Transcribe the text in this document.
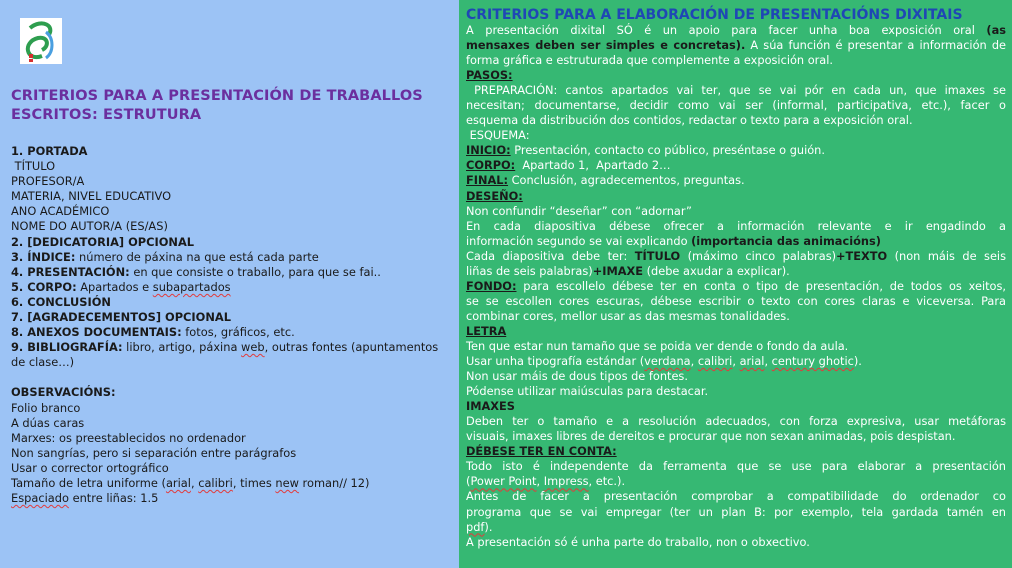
CRITERIOS PARA A PRESENTACIÓN DE TRABALLOS
ESCRITOS: ESTRUTURA
1. PORTADA
TÍTULO
PROFESOR/A
MATERIA, NIVEL EDUCATIVO
ANO ACADÉMICO
NOME DO AUTOR/A (ES/AS)
2. [DEDICATORIA] OPCIONAL
3. ÍNDICE: número de páxina na que está cada parte
4. PRESENTACIÓN: en que consiste o traballo, para que se fai..
5. CORPO: Apartados e subapartados
6. CONCLUSIÓN
7. [AGRADECEMENTOS] OPCIONAL
8. ANEXOS DOCUMENTAIS: fotos, gráficos, etc.
9. BIBLIOGRAFÍA: libro, artigo, páxina web, outras fontes (apuntamentos
de clase…)
OBSERVACIÓNS:
Folio branco
A dúas caras
Marxes: os preestablecidos no ordenador
Non sangrías, pero si separación entre parágrafos
Usar o corrector ortográfico
Tamaño de letra uniforme (arial, calibri, times new roman// 12)
Espaciado entre liñas: 1.5
CRITERIOS PARA A ELABORACIÓN DE PRESENTACIÓNS DIXITAIS
A presentación dixital SÓ é un apoio para facer unha boa exposición oral (as
mensaxes deben ser simples e concretas). A súa función é presentar a información de
forma gráfica e estruturada que complemente a exposición oral.
PASOS:
PREPARACIÓN: cantos apartados vai ter, que se vai pór en cada un, que imaxes se
necesitan; documentarse, decidir como vai ser (informal, participativa, etc.), facer o
esquema da distribución dos contidos, redactar o texto para a exposición oral.
ESQUEMA:
INICIO: Presentación, contacto co público, preséntase o guión.
CORPO:  Apartado 1,  Apartado 2…
FINAL: Conclusión, agradecementos, preguntas.
DESEÑO:
Non confundir “deseñar” con “adornar”
En cada diapositiva débese ofrecer a información relevante e ir engadindo a
información segundo se vai explicando (importancia das animacións)
Cada diapositiva debe ter: TÍTULO (máximo cinco palabras)+TEXTO (non máis de seis
liñas de seis palabras)+IMAXE (debe axudar a explicar).
FONDO: para escollelo débese ter en conta o tipo de presentación, de todos os xeitos,
se se escollen cores escuras, débese escribir o texto con cores claras e viceversa. Para
combinar cores, mellor usar as das mesmas tonalidades.
LETRA
Ten que estar nun tamaño que se poida ver dende o fondo da aula.
Usar unha tipografía estándar (verdana, calibri, arial, century ghotic).
Non usar máis de dous tipos de fontes.
Pódense utilizar maiúsculas para destacar.
IMAXES
Deben ter o tamaño e a resolución adecuados, con forza expresiva, usar metáforas
visuais, imaxes libres de dereitos e procurar que non sexan animadas, pois despistan.
DÉBESE TER EN CONTA:
Todo isto é independente da ferramenta que se use para elaborar a presentación
(Power Point, Impress, etc.).
Antes de facer a presentación comprobar a compatibilidade do ordenador co
programa que se vai empregar (ter un plan B: por exemplo, tela gardada tamén en
pdf).
A presentación só é unha parte do traballo, non o obxectivo.
